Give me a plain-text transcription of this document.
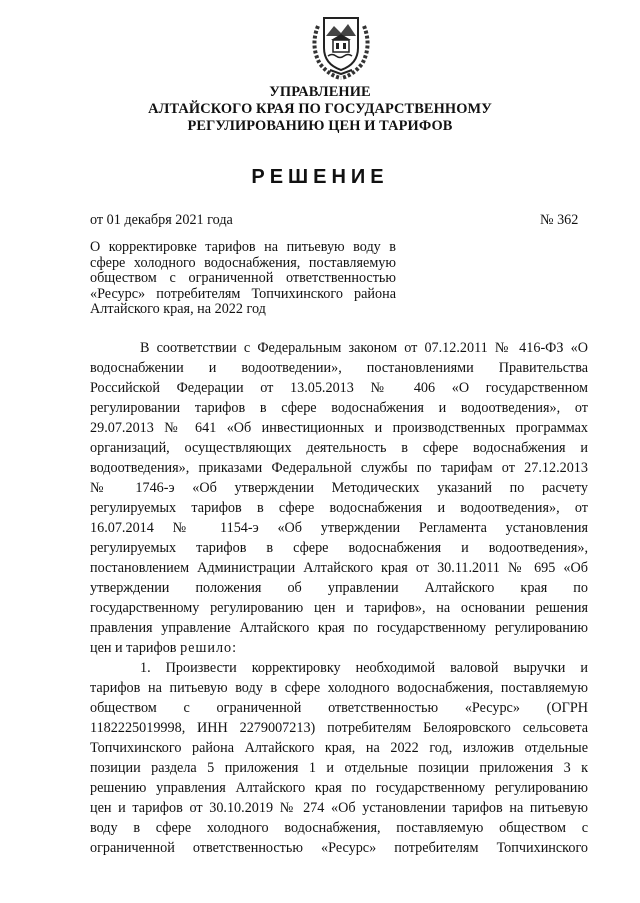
УПРАВЛЕНИЕ
АЛТАЙСКОГО КРАЯ ПО ГОСУДАРСТВЕННОМУ
РЕГУЛИРОВАНИЮ ЦЕН И ТАРИФОВ
РЕШЕНИЕ
от 01 декабря 2021 года	№ 362
О корректировке тарифов на питьевую воду в
сфере холодного водоснабжения, поставляемую
обществом с ограниченной ответственностью
«Ресурс» потребителям Топчихинского района
Алтайского края, на 2022 год
В соответствии с Федеральным законом от 07.12.2011 № 416-ФЗ «О
водоснабжении и водоотведении», постановлениями Правительства
Российской Федерации от 13.05.2013 № 406 «О государственном
регулировании тарифов в сфере водоснабжения и водоотведения», от
29.07.2013 № 641 «Об инвестиционных и производственных программах
организаций, осуществляющих деятельность в сфере водоснабжения и
водоотведения», приказами Федеральной службы по тарифам от 27.12.2013
№ 1746-э «Об утверждении Методических указаний по расчету
регулируемых тарифов в сфере водоснабжения и водоотведения», от
16.07.2014 № 1154-э «Об утверждении Регламента установления
регулируемых тарифов в сфере водоснабжения и водоотведения»,
постановлением Администрации Алтайского края от 30.11.2011 № 695 «Об
утверждении положения об управлении Алтайского края по
государственному регулированию цен и тарифов», на основании решения
правления управление Алтайского края по государственному регулированию
цен и тарифов решило:
1. Произвести корректировку необходимой валовой выручки и
тарифов на питьевую воду в сфере холодного водоснабжения, поставляемую
обществом с ограниченной ответственностью «Ресурс» (ОГРН
1182225019998, ИНН 2279007213) потребителям Белояровского сельсовета
Топчихинского района Алтайского края, на 2022 год, изложив отдельные
позиции раздела 5 приложения 1 и отдельные позиции приложения 3 к
решению управления Алтайского края по государственному регулированию
цен и тарифов от 30.10.2019 № 274 «Об установлении тарифов на питьевую
воду в сфере холодного водоснабжения, поставляемую обществом с
ограниченной ответственностью «Ресурс» потребителям Топчихинского
